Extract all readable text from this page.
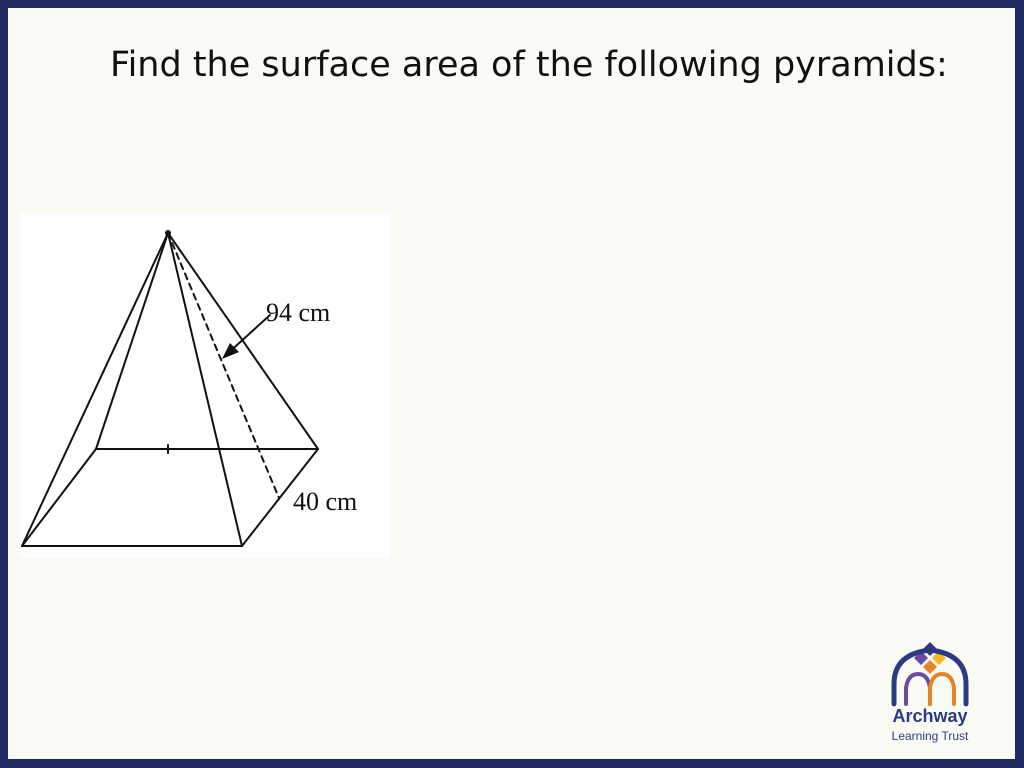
Find the surface area of the following pyramids:
94 cm
40 cm
Archway
Learning Trust
